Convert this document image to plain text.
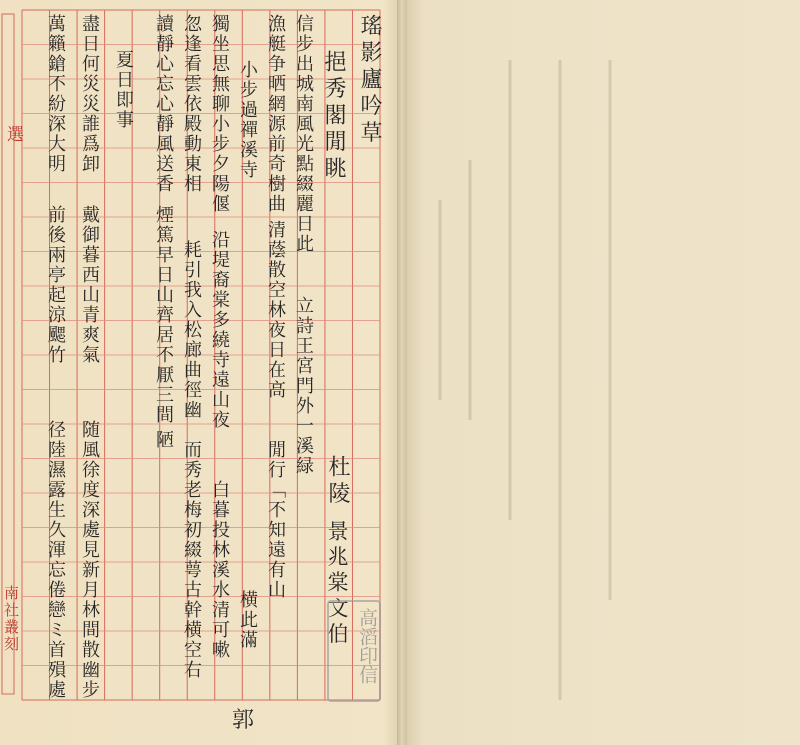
選
南社叢刻
瑤影廬吟草
杜陵
景兆棠文伯
挹秀閣閒眺
信步出城南風光點綴麗日此
漁艇争晒網源前奇樹曲
立詩王宮門外一溪緑
清蔭散空林夜日在高
小步過禪溪寺
獨坐思無聊小步夕陽偃
沿堤裔棠多繞寺遠山夜
忽逢看雲依殿動東相
耗引我入松廊曲徑幽
讀靜心忘心靜風送香
煙篤早日山齊居不厭三間
夏日即事
盡日何災災誰爲卸
戴御暮西山青爽氣
萬籟鎗不紛深大明
前後兩亭起涼颸竹
閒行「不知遠有山
横此滿
白暮投林溪水清可嗽
而秀老梅初綴萼古幹横空右
陋
随風徐度深處見新月林間散幽步
径陸濕露生久渾忘倦戀ミ首殞處	高滔印信
郭
